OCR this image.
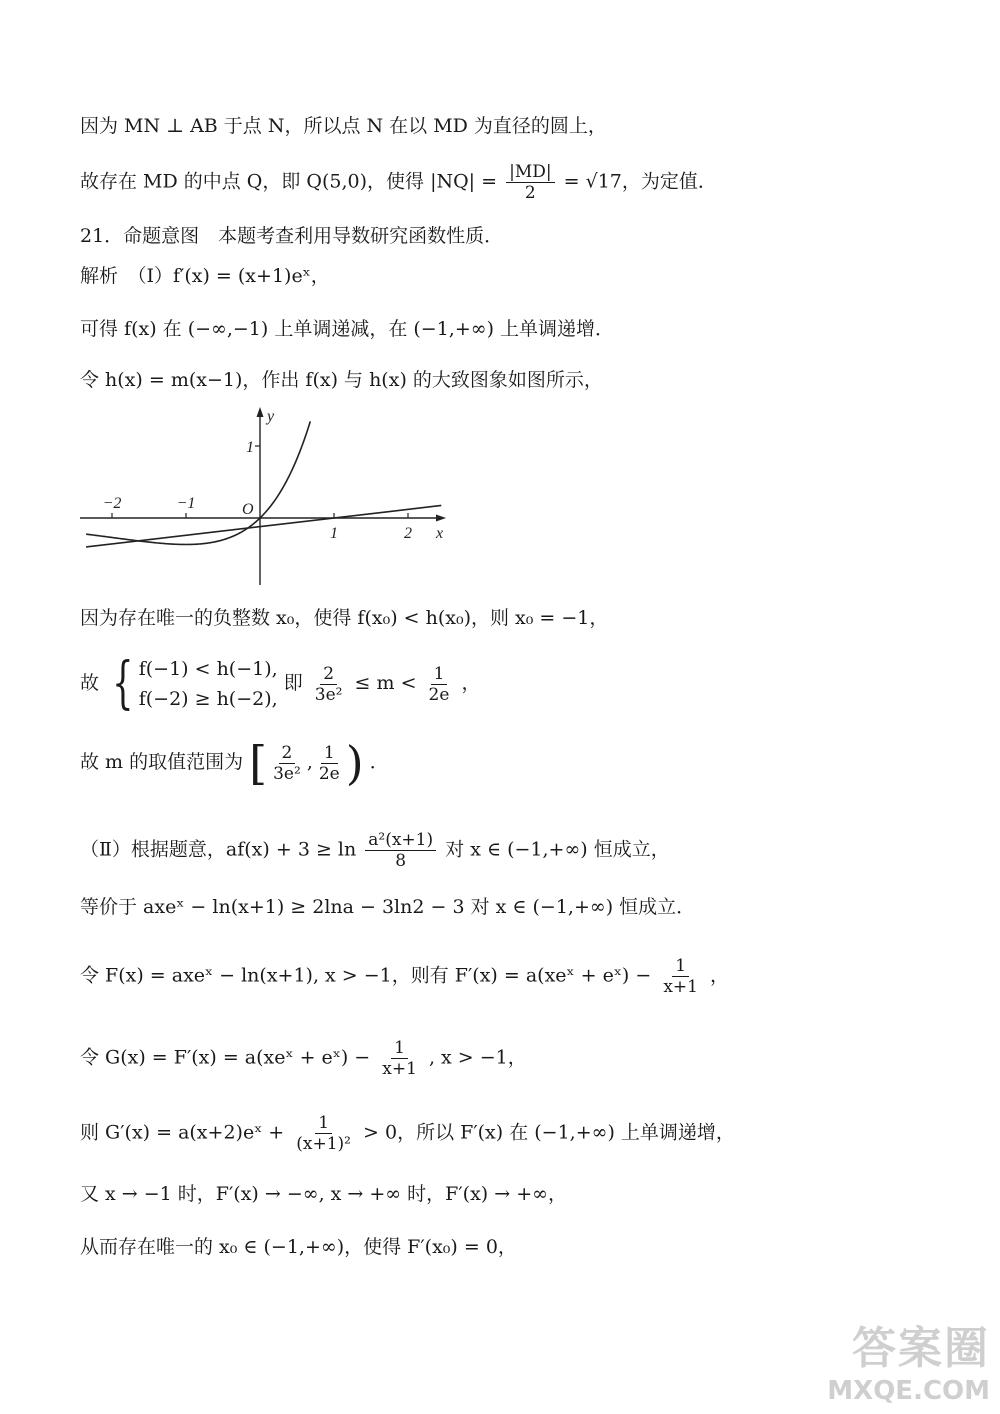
因为 MN ⊥ AB 于点 N，所以点 N 在以 MD 为直径的圆上，
故存在 MD 的中点 Q，即 Q(5,0)，使得 $|NQ| = \frac{|MD|}{2} = √17$，为定值．
21．命题意图　本题考查利用导数研究函数性质．
解析　（Ⅰ）f′(x) = (x+1)eˣ，
可得 f(x) 在 (−∞,−1) 上单调递减，在 (−1,+∞) 上单调递增．
令 h(x) = m(x−1)，作出 f(x) 与 h(x) 的大致图象如图所示，
−2	−1
1	2
1
x
y
O
因为存在唯一的负整数 x₀，使得 f(x₀) < h(x₀)，则 x₀ = −1，
故 { f(−1) < h(−1),
f(−2) ≥ h(−2),
即 $\frac{2}{\text{3e²}} \le m < \frac{1}{2e}$ ，
故 m 的取值范围为 [ $\frac{2}{\text{3e²}}$ , $\frac{1}{2e}$ ) ．
（Ⅱ）根据题意，$af(x) + 3 \ge \ln \frac{\text{a²(x+1)}}{8}$ 对 x ∈ (−1,+∞) 恒成立，
等价于 axeˣ − ln(x+1) ≥ 2lna − 3ln2 − 3 对 x ∈ (−1,+∞) 恒成立．
令 F(x) = axeˣ − ln(x+1), x > −1，则有 F′(x) = a(xeˣ + eˣ) − $\frac{1}{x+1}$ ，
令 G(x) = F′(x) = a(xeˣ + eˣ) − $\frac{1}{x+1}$ , x > −1，
则 G′(x) = a(x+2)eˣ + $\frac{1}{\text{(x+1)²}} > 0$，所以 F′(x) 在 (−1,+∞) 上单调递增，
又 x → −1 时，F′(x) → −∞, x → +∞ 时，F′(x) → +∞，
从而存在唯一的 x₀ ∈ (−1,+∞)，使得 F′(x₀) = 0，
答案圈
MXQE.COM
